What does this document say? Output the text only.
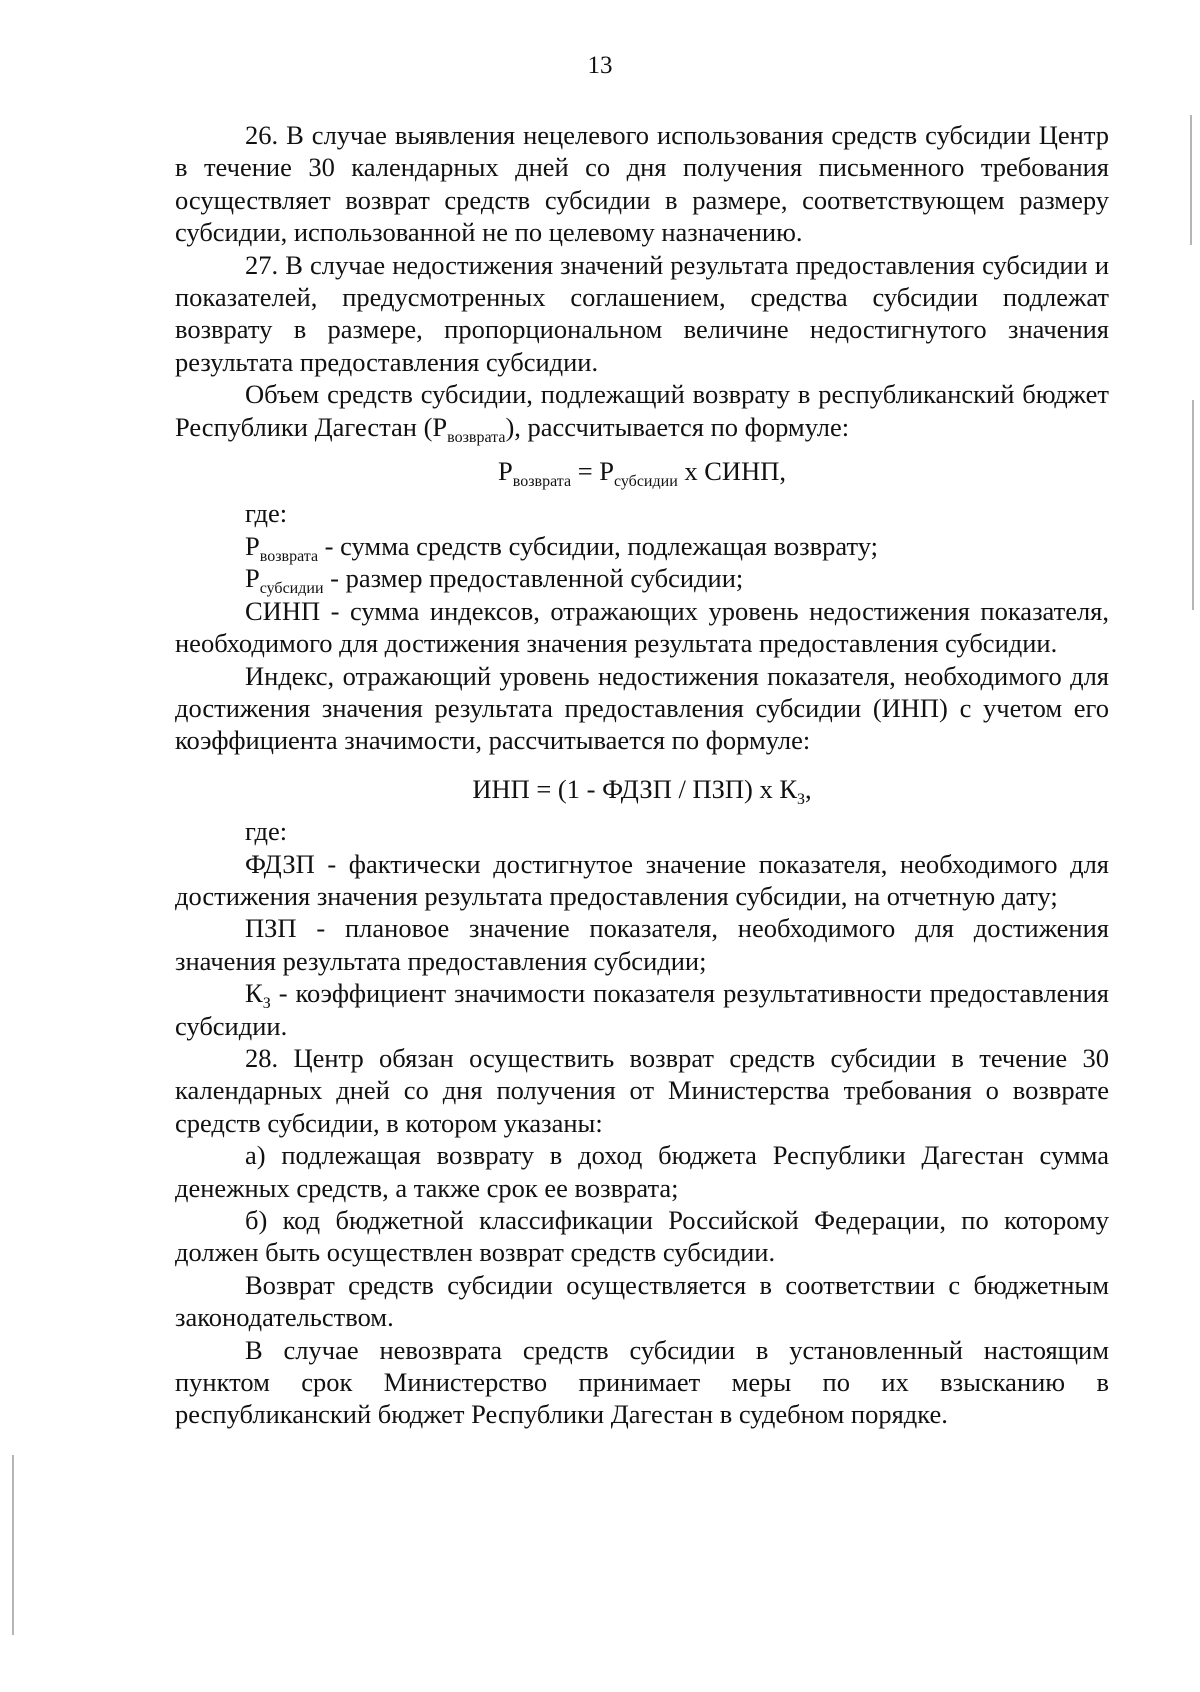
13

26. В случае выявления нецелевого использования средств субсидии Центр в течение 30 календарных дней со дня получения письменного требования осуществляет возврат средств субсидии в размере, соответствующем размеру субсидии, использованной не по целевому назначению.

27. В случае недостижения значений результата предоставления субсидии и показателей, предусмотренных соглашением, средства субсидии подлежат возврату в размере, пропорциональном величине недостигнутого значения результата предоставления субсидии.

Объем средств субсидии, подлежащий возврату в республиканский бюджет Республики Дагестан $(Р_{возврата})$, рассчитывается по формуле:

$Р_{возврата} = Р_{субсидии}$ х СИНП,

где:

$Р_{возврата}$ - сумма средств субсидии, подлежащая возврату;

$Р_{субсидии}$ - размер предоставленной субсидии;

СИНП - сумма индексов, отражающих уровень недостижения показателя, необходимого для достижения значения результата предоставления субсидии.

Индекс, отражающий уровень недостижения показателя, необходимого для достижения значения результата предоставления субсидии (ИНП) с учетом его коэффициента значимости, рассчитывается по формуле:

ИНП = (1 - ФДЗП / ПЗП) х $К_З$,

где:

ФДЗП - фактически достигнутое значение показателя, необходимого для достижения значения результата предоставления субсидии, на отчетную дату;

ПЗП - плановое значение показателя, необходимого для достижения значения результата предоставления субсидии;

$К_З$ - коэффициент значимости показателя результативности предоставления субсидии.

28. Центр обязан осуществить возврат средств субсидии в течение 30 календарных дней со дня получения от Министерства требования о возврате средств субсидии, в котором указаны:

а) подлежащая возврату в доход бюджета Республики Дагестан сумма денежных средств, а также срок ее возврата;

б) код бюджетной классификации Российской Федерации, по которому должен быть осуществлен возврат средств субсидии.

Возврат средств субсидии осуществляется в соответствии с бюджетным законодательством.

В случае невозврата средств субсидии в установленный настоящим пунктом срок Министерство принимает меры по их взысканию в республиканский бюджет Республики Дагестан в судебном порядке.
